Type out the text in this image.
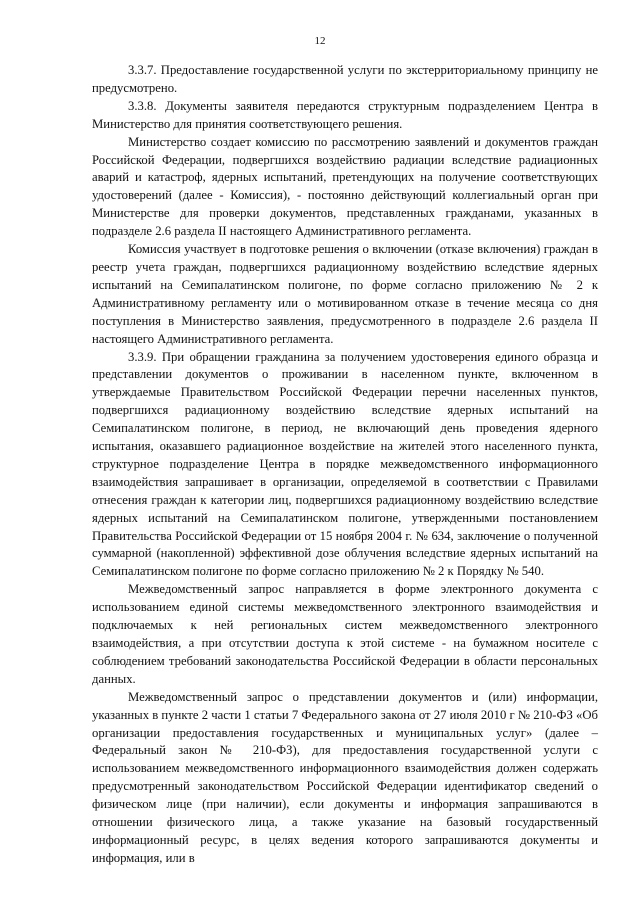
12

3.3.7. Предоставление государственной услуги по экстерриториальному принципу не предусмотрено.

3.3.8. Документы заявителя передаются структурным подразделением Центра в Министерство для принятия соответствующего решения.

Министерство создает комиссию по рассмотрению заявлений и документов граждан Российской Федерации, подвергшихся воздействию радиации вследствие радиационных аварий и катастроф, ядерных испытаний, претендующих на получение соответствующих удостоверений (далее - Комиссия), - постоянно действующий коллегиальный орган при Министерстве для проверки документов, представленных гражданами, указанных в подразделе 2.6 раздела II настоящего Административного регламента.

Комиссия участвует в подготовке решения о включении (отказе включения) граждан в реестр учета граждан, подвергшихся радиационному воздействию вследствие ядерных испытаний на Семипалатинском полигоне, по форме согласно приложению № 2 к Административному регламенту или о мотивированном отказе в течение месяца со дня поступления в Министерство заявления, предусмотренного в подразделе 2.6 раздела II настоящего Административного регламента.

3.3.9. При обращении гражданина за получением удостоверения единого образца и представлении документов о проживании в населенном пункте, включенном в утверждаемые Правительством Российской Федерации перечни населенных пунктов, подвергшихся радиационному воздействию вследствие ядерных испытаний на Семипалатинском полигоне, в период, не включающий день проведения ядерного испытания, оказавшего радиационное воздействие на жителей этого населенного пункта, структурное подразделение Центра в порядке межведомственного информационного взаимодействия запрашивает в организации, определяемой в соответствии с Правилами отнесения граждан к категории лиц, подвергшихся радиационному воздействию вследствие ядерных испытаний на Семипалатинском полигоне, утвержденными постановлением Правительства Российской Федерации от 15 ноября 2004 г. № 634, заключение о полученной суммарной (накопленной) эффективной дозе облучения вследствие ядерных испытаний на Семипалатинском полигоне по форме согласно приложению № 2 к Порядку № 540.

Межведомственный запрос направляется в форме электронного документа с использованием единой системы межведомственного электронного взаимодействия и подключаемых к ней региональных систем межведомственного электронного взаимодействия, а при отсутствии доступа к этой системе - на бумажном носителе с соблюдением требований законодательства Российской Федерации в области персональных данных.

Межведомственный запрос о представлении документов и (или) информации, указанных в пункте 2 части 1 статьи 7 Федерального закона от 27 июля 2010 г № 210-ФЗ «Об организации предоставления государственных и муниципальных услуг» (далее – Федеральный закон № 210-ФЗ), для предоставления государственной услуги с использованием межведомственного информационного взаимодействия должен содержать предусмотренный законодательством Российской Федерации идентификатор сведений о физическом лице (при наличии), если документы и информация запрашиваются в отношении физического лица, а также указание на базовый государственный информационный ресурс, в целях ведения которого запрашиваются документы и информация, или в
